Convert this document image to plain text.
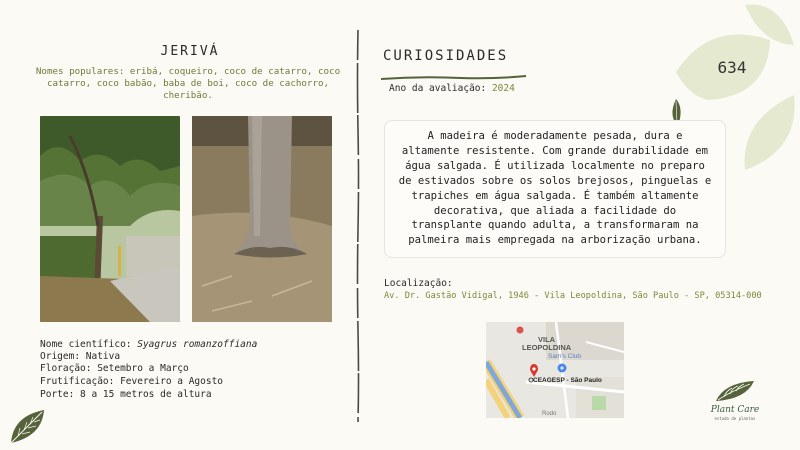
JERIVÁ
Nomes populares: eribá, coqueiro, coco de catarro, coco catarro, coco babão, baba de boi, coco de cachorro, cheribão.
Nome científico: Syagrus romanzoffiana
Origem: Nativa
Floração: Setembro a Março
Frutificação: Fevereiro a Agosto
Porte: 8 a 15 metros de altura
CURIOSIDADES
Ano da avaliação: 2024
A madeira é moderadamente pesada, dura e altamente resistente. Com grande durabilidade em água salgada. É utilizada localmente no preparo de estivados sobre os solos brejosos, pinguelas e trapiches em água salgada. É também altamente decorativa, que aliada a facilidade do transplante quando adulta, a transformaram na palmeira mais empregada na arborização urbana.
Localização:
Av. Dr. Gastão Vidigal, 1946 - Vila Leopoldina, São Paulo - SP, 05314-000
VILA
LEOPOLDINA
Sam's Club
CEAGESP - São Paulo
Rodo
634
Plant Care
estudo de plantas
